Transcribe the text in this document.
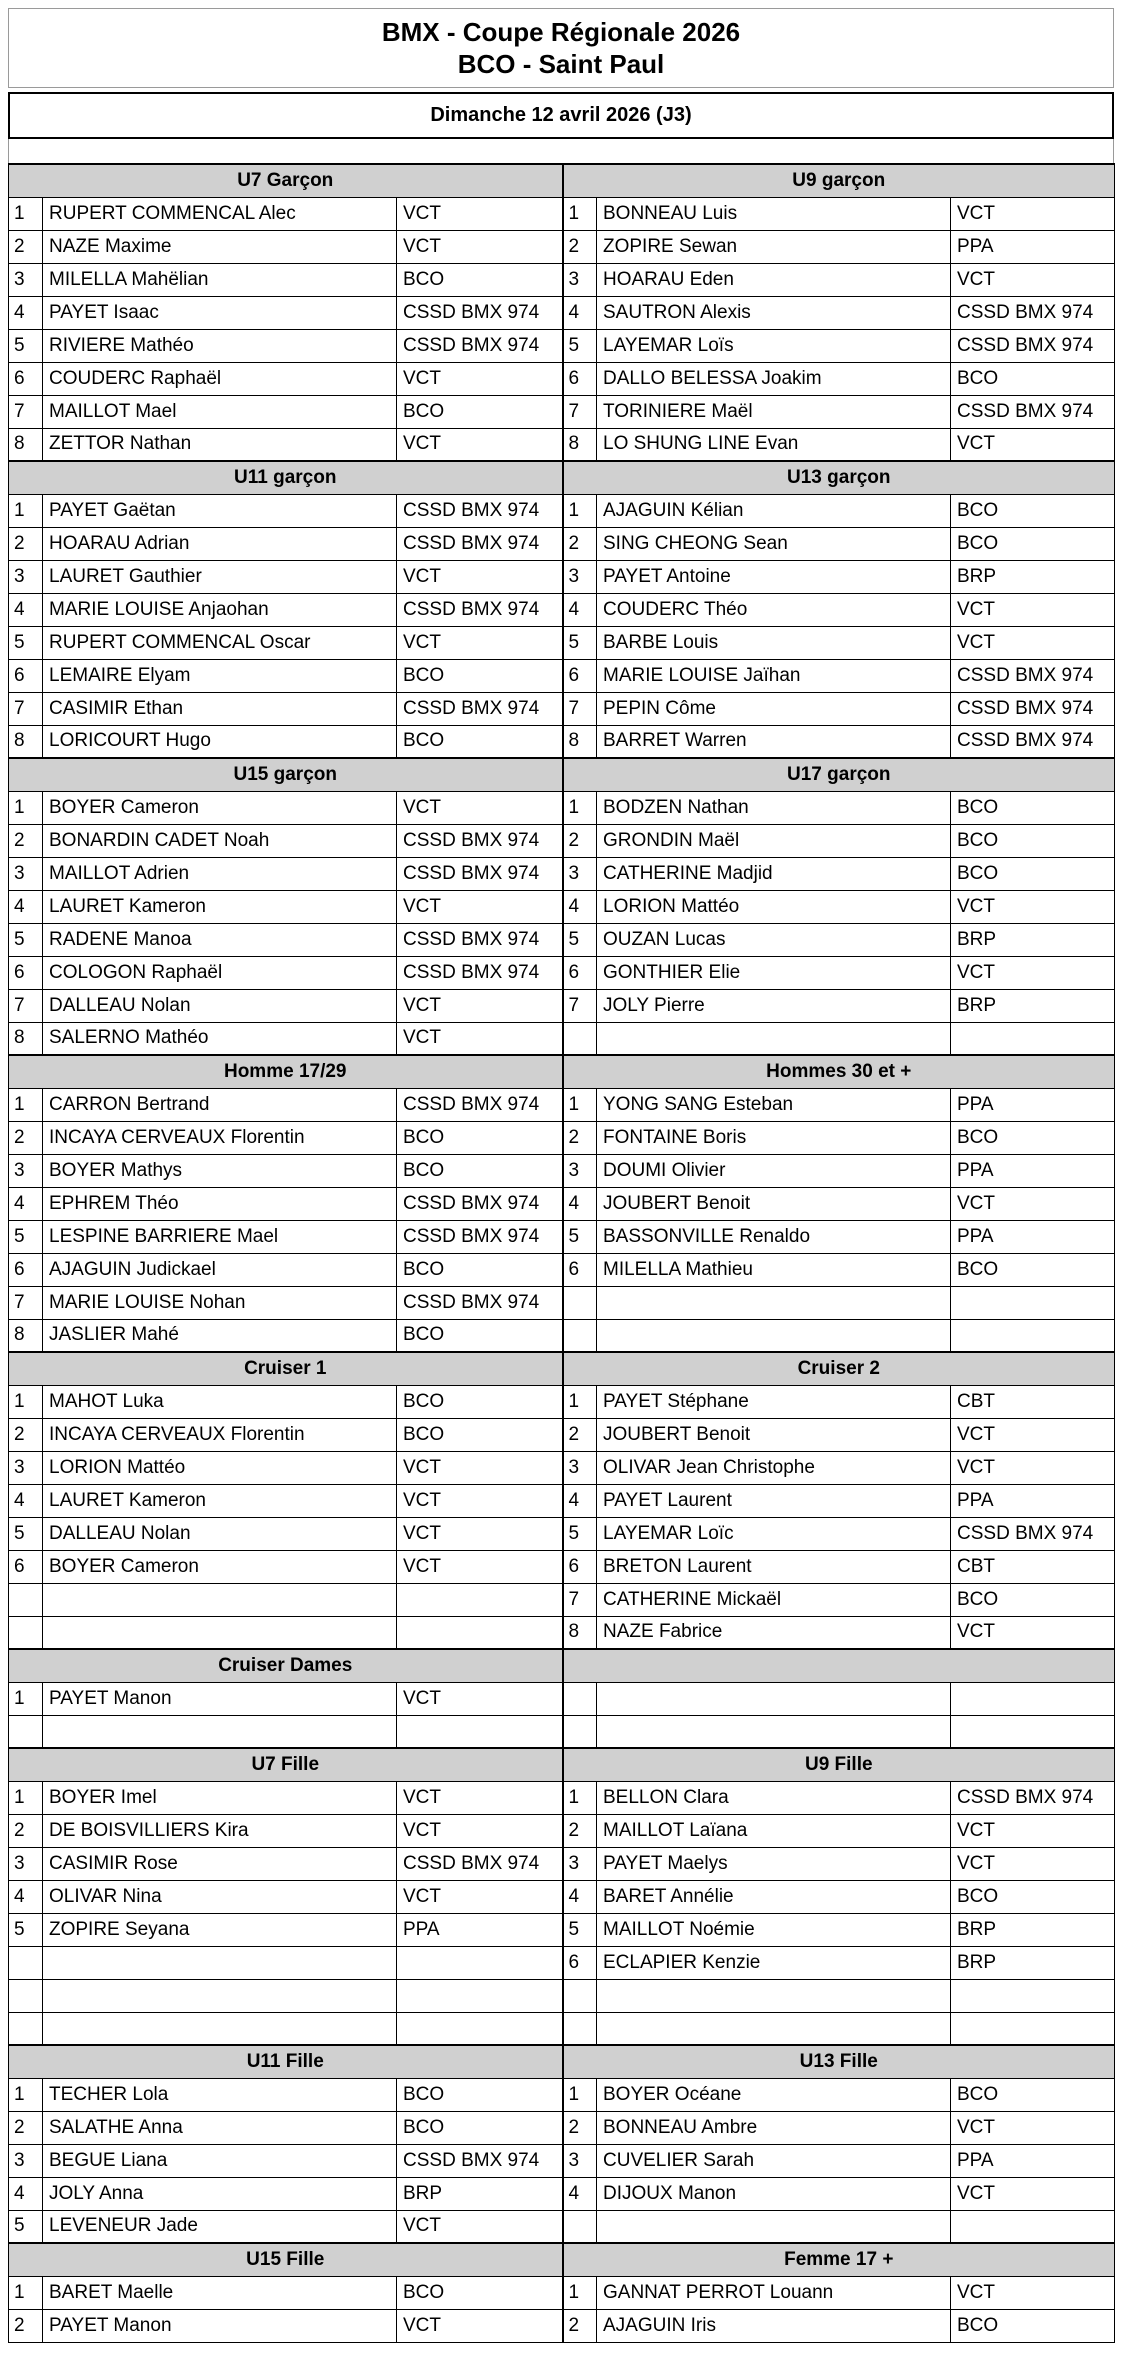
BMX - Coupe Régionale 2026
BCO - Saint Paul
Dimanche 12 avril 2026 (J3)
U7 Garçon			U9 garçon		
1	RUPERT COMMENCAL Alec	VCT	1	BONNEAU Luis	VCT
2	NAZE Maxime	VCT	2	ZOPIRE Sewan	PPA
3	MILELLA Mahëlian	BCO	3	HOARAU Eden	VCT
4	PAYET Isaac	CSSD BMX 974	4	SAUTRON Alexis	CSSD BMX 974
5	RIVIERE Mathéo	CSSD BMX 974	5	LAYEMAR Loïs	CSSD BMX 974
6	COUDERC Raphaël	VCT	6	DALLO BELESSA Joakim	BCO
7	MAILLOT Mael	BCO	7	TORINIERE Maël	CSSD BMX 974
8	ZETTOR Nathan	VCT	8	LO SHUNG LINE Evan	VCT
U11 garçon			U13 garçon		
1	PAYET Gaëtan	CSSD BMX 974	1	AJAGUIN Kélian	BCO
2	HOARAU Adrian	CSSD BMX 974	2	SING CHEONG Sean	BCO
3	LAURET Gauthier	VCT	3	PAYET Antoine	BRP
4	MARIE LOUISE Anjaohan	CSSD BMX 974	4	COUDERC Théo	VCT
5	RUPERT COMMENCAL Oscar	VCT	5	BARBE Louis	VCT
6	LEMAIRE Elyam	BCO	6	MARIE LOUISE Jaïhan	CSSD BMX 974
7	CASIMIR Ethan	CSSD BMX 974	7	PEPIN Côme	CSSD BMX 974
8	LORICOURT Hugo	BCO	8	BARRET Warren	CSSD BMX 974
U15 garçon			U17 garçon		
1	BOYER Cameron	VCT	1	BODZEN Nathan	BCO
2	BONARDIN CADET Noah	CSSD BMX 974	2	GRONDIN Maël	BCO
3	MAILLOT Adrien	CSSD BMX 974	3	CATHERINE Madjid	BCO
4	LAURET Kameron	VCT	4	LORION Mattéo	VCT
5	RADENE Manoa	CSSD BMX 974	5	OUZAN Lucas	BRP
6	COLOGON Raphaël	CSSD BMX 974	6	GONTHIER Elie	VCT
7	DALLEAU Nolan	VCT	7	JOLY Pierre	BRP
8	SALERNO Mathéo	VCT			
Homme 17/29			Hommes 30 et +		
1	CARRON Bertrand	CSSD BMX 974	1	YONG SANG Esteban	PPA
2	INCAYA CERVEAUX Florentin	BCO	2	FONTAINE Boris	BCO
3	BOYER Mathys	BCO	3	DOUMI Olivier	PPA
4	EPHREM Théo	CSSD BMX 974	4	JOUBERT Benoit	VCT
5	LESPINE BARRIERE Mael	CSSD BMX 974	5	BASSONVILLE Renaldo	PPA
6	AJAGUIN Judickael	BCO	6	MILELLA Mathieu	BCO
7	MARIE LOUISE Nohan	CSSD BMX 974			
8	JASLIER Mahé	BCO			
Cruiser 1			Cruiser 2		
1	MAHOT Luka	BCO	1	PAYET Stéphane	CBT
2	INCAYA CERVEAUX Florentin	BCO	2	JOUBERT Benoit	VCT
3	LORION Mattéo	VCT	3	OLIVAR Jean Christophe	VCT
4	LAURET Kameron	VCT	4	PAYET Laurent	PPA
5	DALLEAU Nolan	VCT	5	LAYEMAR Loïc	CSSD BMX 974
6	BOYER Cameron	VCT	6	BRETON Laurent	CBT
			7	CATHERINE Mickaël	BCO
			8	NAZE Fabrice	VCT
Cruiser Dames					
1	PAYET Manon	VCT			

U7 Fille			U9 Fille		
1	BOYER Imel	VCT	1	BELLON Clara	CSSD BMX 974
2	DE BOISVILLIERS Kira	VCT	2	MAILLOT Laïana	VCT
3	CASIMIR Rose	CSSD BMX 974	3	PAYET Maelys	VCT
4	OLIVAR Nina	VCT	4	BARET Annélie	BCO
5	ZOPIRE Seyana	PPA	5	MAILLOT Noémie	BRP
			6	ECLAPIER Kenzie	BRP

U11 Fille			U13 Fille		
1	TECHER Lola	BCO	1	BOYER Océane	BCO
2	SALATHE Anna	BCO	2	BONNEAU Ambre	VCT
3	BEGUE Liana	CSSD BMX 974	3	CUVELIER Sarah	PPA
4	JOLY Anna	BRP	4	DIJOUX Manon	VCT
5	LEVENEUR Jade	VCT			
U15 Fille			Femme 17 +		
1	BARET Maelle	BCO	1	GANNAT PERROT Louann	VCT
2	PAYET Manon	VCT	2	AJAGUIN Iris	BCO
